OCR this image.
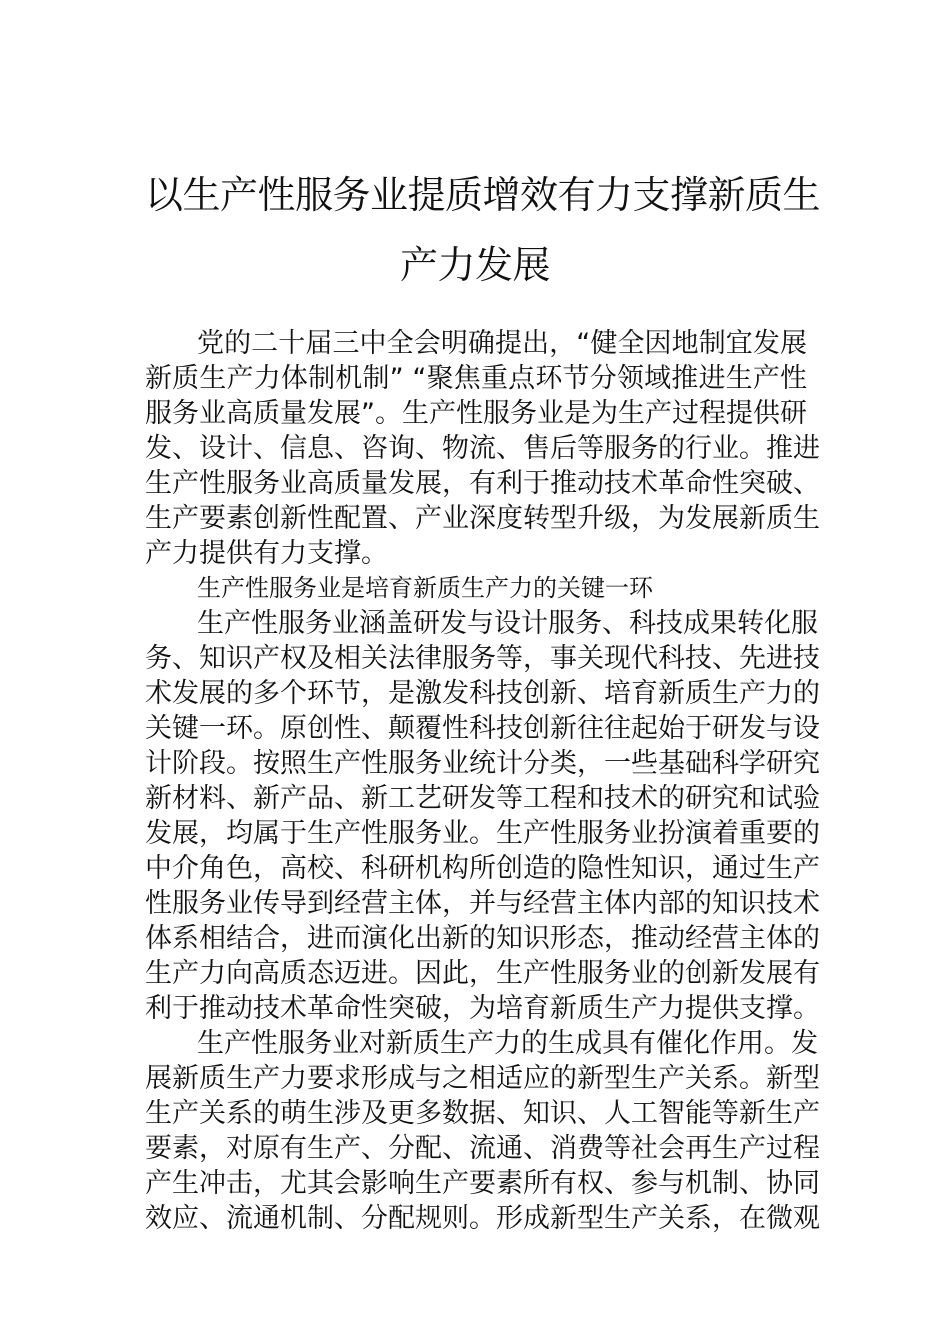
以生产性服务业提质增效有力支撑新质生
产力发展
党的二十届三中全会明确提出，“健全因地制宜发展
新质生产力体制机制” “聚焦重点环节分领域推进生产性
服务业高质量发展”。生产性服务业是为生产过程提供研
发、设计、信息、咨询、物流、售后等服务的行业。推进
生产性服务业高质量发展，有利于推动技术革命性突破、
生产要素创新性配置、产业深度转型升级，为发展新质生
产力提供有力支撑。
生产性服务业是培育新质生产力的关键一环
生产性服务业涵盖研发与设计服务、科技成果转化服
务、知识产权及相关法律服务等，事关现代科技、先进技
术发展的多个环节，是激发科技创新、培育新质生产力的
关键一环。原创性、颠覆性科技创新往往起始于研发与设
计阶段。按照生产性服务业统计分类，一些基础科学研究
新材料、新产品、新工艺研发等工程和技术的研究和试验
发展，均属于生产性服务业。生产性服务业扮演着重要的
中介角色，高校、科研机构所创造的隐性知识，通过生产
性服务业传导到经营主体，并与经营主体内部的知识技术
体系相结合，进而演化出新的知识形态，推动经营主体的
生产力向高质态迈进。因此，生产性服务业的创新发展有
利于推动技术革命性突破，为培育新质生产力提供支撑。
生产性服务业对新质生产力的生成具有催化作用。发
展新质生产力要求形成与之相适应的新型生产关系。新型
生产关系的萌生涉及更多数据、知识、人工智能等新生产
要素，对原有生产、分配、流通、消费等社会再生产过程
产生冲击，尤其会影响生产要素所有权、参与机制、协同
效应、流通机制、分配规则。形成新型生产关系，在微观
